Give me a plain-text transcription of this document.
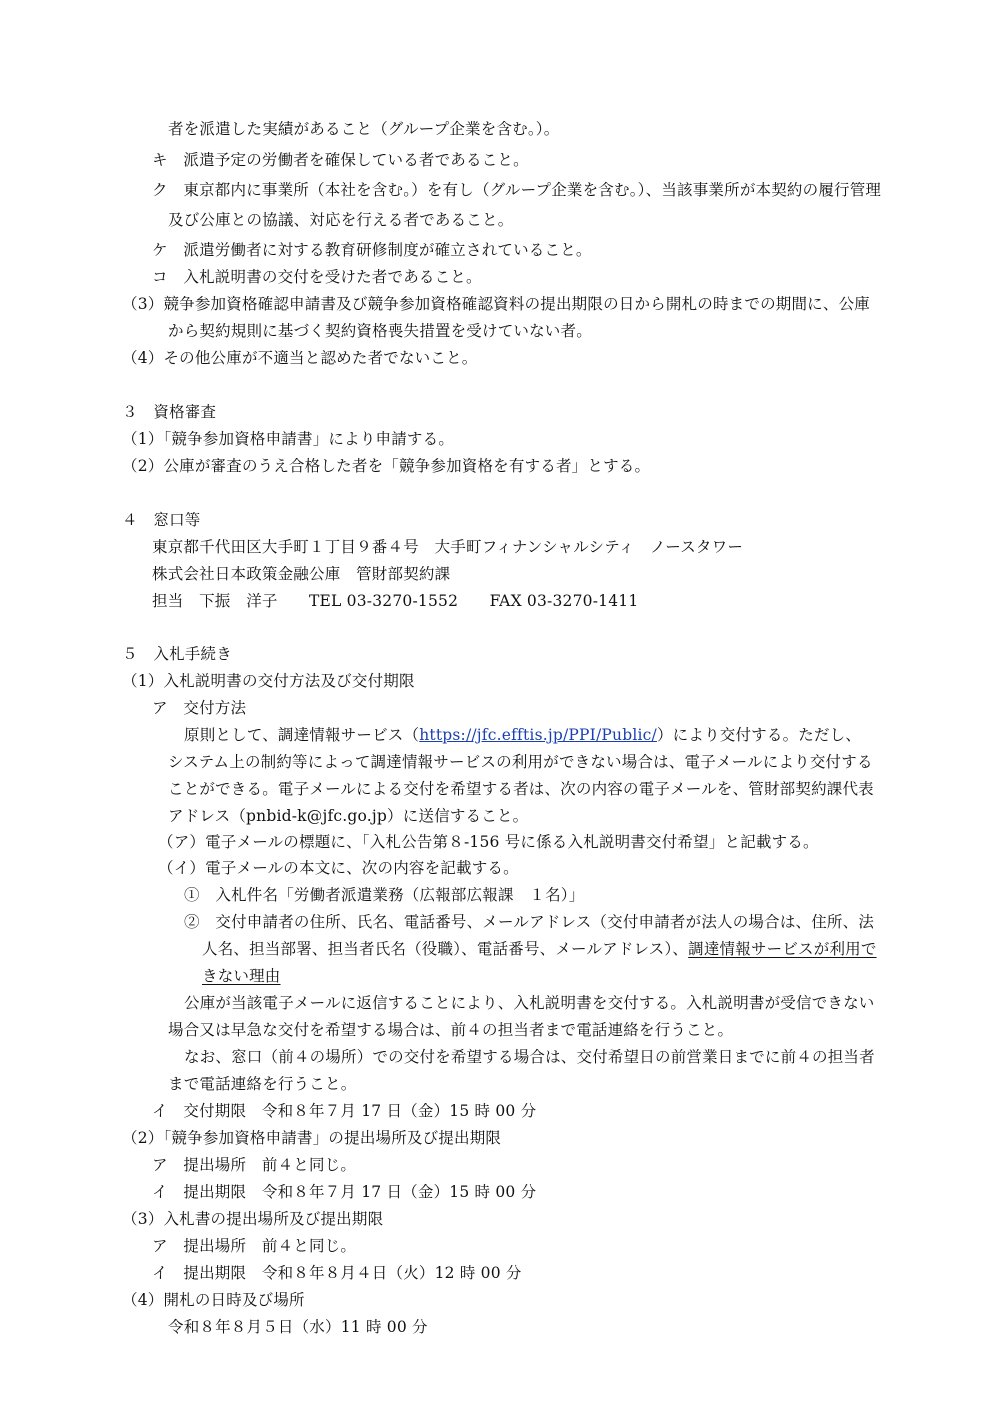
者を派遣した実績があること（グループ企業を含む。）。
キ　派遣予定の労働者を確保している者であること。
ク　東京都内に事業所（本社を含む。）を有し（グループ企業を含む。）、当該事業所が本契約の履行管理
及び公庫との協議、対応を行える者であること。
ケ　派遣労働者に対する教育研修制度が確立されていること。
コ　入札説明書の交付を受けた者であること。
（3）競争参加資格確認申請書及び競争参加資格確認資料の提出期限の日から開札の時までの期間に、公庫
から契約規則に基づく契約資格喪失措置を受けていない者。
（4）その他公庫が不適当と認めた者でないこと。
３　資格審査
（1）「競争参加資格申請書」により申請する。
（2）公庫が審査のうえ合格した者を「競争参加資格を有する者」とする。
４　窓口等
東京都千代田区大手町１丁目９番４号　大手町フィナンシャルシティ　ノースタワー
株式会社日本政策金融公庫　管財部契約課
担当　下振　洋子　　TEL 03-3270-1552　　FAX 03-3270-1411
５　入札手続き
（1）入札説明書の交付方法及び交付期限
ア　交付方法
原則として、調達情報サービス（https://jfc.efftis.jp/PPI/Public/）により交付する。ただし、
システム上の制約等によって調達情報サービスの利用ができない場合は、電子メールにより交付する
ことができる。電子メールによる交付を希望する者は、次の内容の電子メールを、管財部契約課代表
アドレス（pnbid-k@jfc.go.jp）に送信すること。
（ア）電子メールの標題に、「入札公告第８-156 号に係る入札説明書交付希望」と記載する。
（イ）電子メールの本文に、次の内容を記載する。
①　入札件名「労働者派遣業務（広報部広報課　１名）」
②　交付申請者の住所、氏名、電話番号、メールアドレス（交付申請者が法人の場合は、住所、法
人名、担当部署、担当者氏名（役職）、電話番号、メールアドレス）、調達情報サービスが利用で
きない理由
公庫が当該電子メールに返信することにより、入札説明書を交付する。入札説明書が受信できない
場合又は早急な交付を希望する場合は、前４の担当者まで電話連絡を行うこと。
なお、窓口（前４の場所）での交付を希望する場合は、交付希望日の前営業日までに前４の担当者
まで電話連絡を行うこと。
イ　交付期限　令和８年７月 17 日（金）15 時 00 分
（2）「競争参加資格申請書」の提出場所及び提出期限
ア　提出場所　前４と同じ。
イ　提出期限　令和８年７月 17 日（金）15 時 00 分
（3）入札書の提出場所及び提出期限
ア　提出場所　前４と同じ。
イ　提出期限　令和８年８月４日（火）12 時 00 分
（4）開札の日時及び場所
令和８年８月５日（水）11 時 00 分
